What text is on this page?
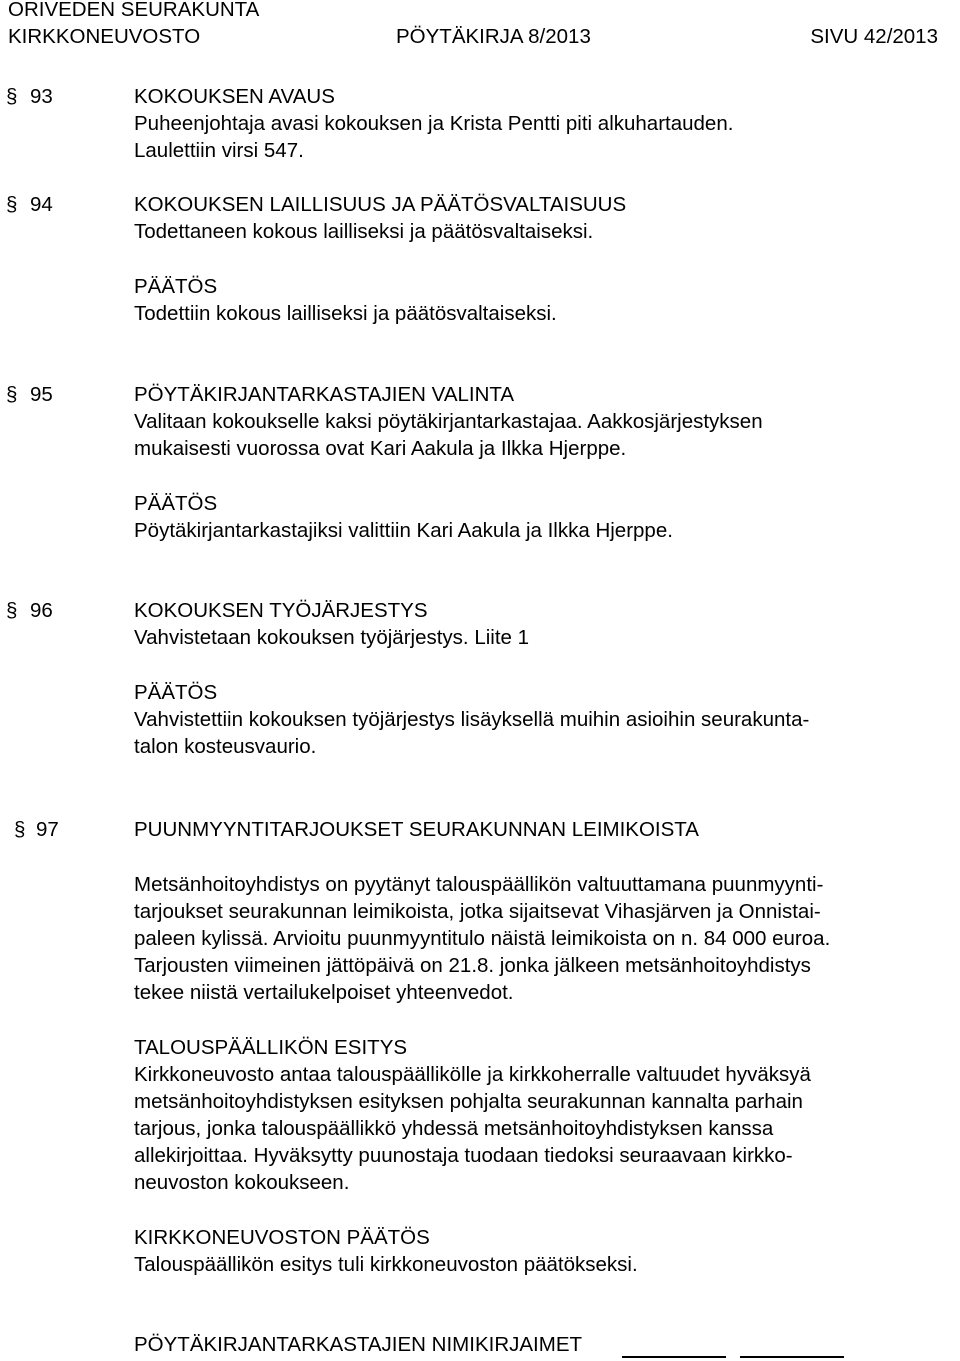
ORIVEDEN SEURAKUNTA
KIRKKONEUVOSTO	PÖYTÄKIRJA 8/2013	SIVU 42/2013
§ 93	KOKOUKSEN AVAUS

Puheenjohtaja avasi kokouksen ja Krista Pentti piti alkuhartauden.

Laulettiin virsi 547.

§ 94	KOKOUKSEN LAILLISUUS JA PÄÄTÖSVALTAISUUS

Todettaneen kokous lailliseksi ja päätösvaltaiseksi.

PÄÄTÖS

Todettiin kokous lailliseksi ja päätösvaltaiseksi.

§ 95	PÖYTÄKIRJANTARKASTAJIEN VALINTA

Valitaan kokoukselle kaksi pöytäkirjantarkastajaa. Aakkosjärjestyksen

mukaisesti vuorossa ovat Kari Aakula ja Ilkka Hjerppe.

PÄÄTÖS

Pöytäkirjantarkastajiksi valittiin Kari Aakula ja Ilkka Hjerppe.

§ 96	KOKOUKSEN TYÖJÄRJESTYS

Vahvistetaan kokouksen työjärjestys. Liite 1

PÄÄTÖS

Vahvistettiin kokouksen työjärjestys lisäyksellä muihin asioihin seurakunta-

talon kosteusvaurio.

§ 97	PUUNMYYNTITARJOUKSET SEURAKUNNAN LEIMIKOISTA

Metsänhoitoyhdistys on pyytänyt talouspäällikön valtuuttamana puunmyynti-

tarjoukset seurakunnan leimikoista, jotka sijaitsevat Vihasjärven ja Onnistai-

paleen kylissä. Arvioitu puunmyyntitulo näistä leimikoista on n. 84 000 euroa.

Tarjousten viimeinen jättöpäivä on 21.8. jonka jälkeen metsänhoitoyhdistys

tekee niistä vertailukelpoiset yhteenvedot.

TALOUSPÄÄLLIKÖN ESITYS

Kirkkoneuvosto antaa talouspäällikölle ja kirkkoherralle valtuudet hyväksyä

metsänhoitoyhdistyksen esityksen pohjalta seurakunnan kannalta parhain

tarjous, jonka talouspäällikkö yhdessä metsänhoitoyhdistyksen kanssa

allekirjoittaa. Hyväksytty puunostaja tuodaan tiedoksi seuraavaan kirkko-

neuvoston kokoukseen.

KIRKKONEUVOSTON PÄÄTÖS

Talouspäällikön esitys tuli kirkkoneuvoston päätökseksi.

PÖYTÄKIRJANTARKASTAJIEN NIMIKIRJAIMET
